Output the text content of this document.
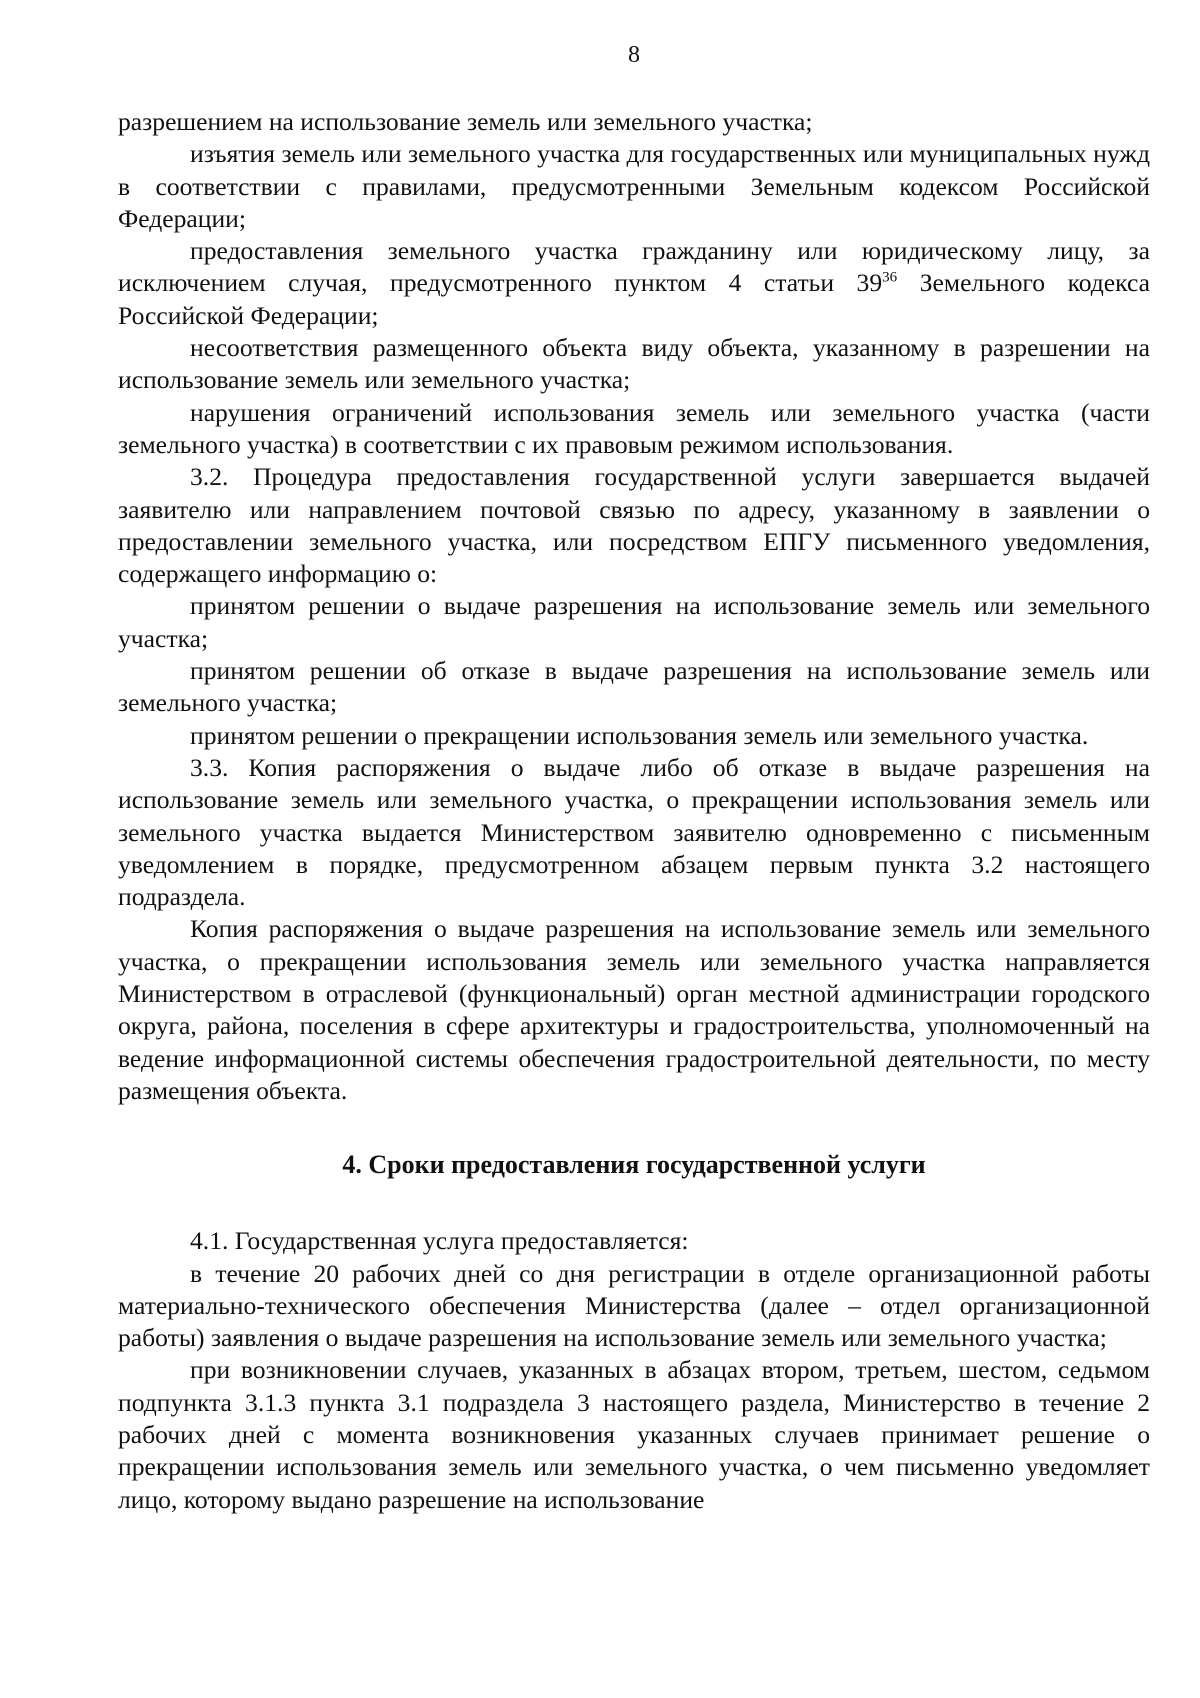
8

разрешением на использование земель или земельного участка;

изъятия земель или земельного участка для государственных или муниципальных нужд в соответствии с правилами, предусмотренными Земельным кодексом Российской Федерации;

предоставления земельного участка гражданину или юридическому лицу, за исключением случая, предусмотренного пунктом 4 статьи $39^{36}$ Земельного кодекса Российской Федерации;

несоответствия размещенного объекта виду объекта, указанному в разрешении на использование земель или земельного участка;

нарушения ограничений использования земель или земельного участка (части земельного участка) в соответствии с их правовым режимом использования.

3.2. Процедура предоставления государственной услуги завершается выдачей заявителю или направлением почтовой связью по адресу, указанному в заявлении о предоставлении земельного участка, или посредством ЕПГУ письменного уведомления, содержащего информацию о:

принятом решении о выдаче разрешения на использование земель или земельного участка;

принятом решении об отказе в выдаче разрешения на использование земель или земельного участка;

принятом решении о прекращении использования земель или земельного участка.

3.3. Копия распоряжения о выдаче либо об отказе в выдаче разрешения на использование земель или земельного участка, о прекращении использования земель или земельного участка выдается Министерством заявителю одновременно с письменным уведомлением в порядке, предусмотренном абзацем первым пункта 3.2 настоящего подраздела.

Копия распоряжения о выдаче разрешения на использование земель или земельного участка, о прекращении использования земель или земельного участка направляется Министерством в отраслевой (функциональный) орган местной администрации городского округа, района, поселения в сфере архитектуры и градостроительства, уполномоченный на ведение информационной системы обеспечения градостроительной деятельности, по месту размещения объекта.

4. Сроки предоставления государственной услуги

4.1. Государственная услуга предоставляется:

в течение 20 рабочих дней со дня регистрации в отделе организационной работы материально-технического обеспечения Министерства (далее – отдел организационной работы) заявления о выдаче разрешения на использование земель или земельного участка;

при возникновении случаев, указанных в абзацах втором, третьем, шестом, седьмом подпункта 3.1.3 пункта 3.1 подраздела 3 настоящего раздела, Министерство в течение 2 рабочих дней с момента возникновения указанных случаев принимает решение о прекращении использования земель или земельного участка, о чем письменно уведомляет лицо, которому выдано разрешение на использование
